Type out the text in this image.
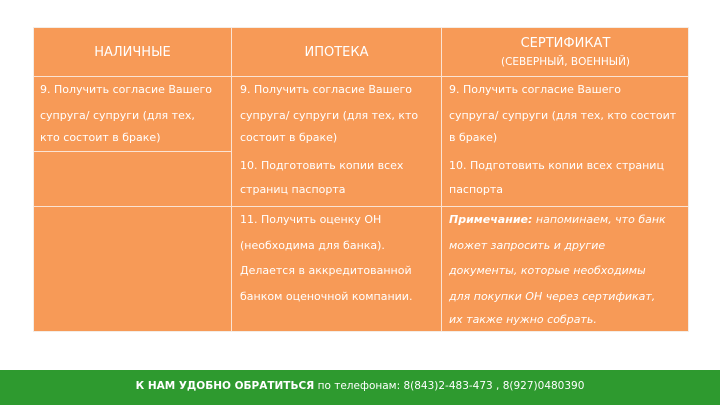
НАЛИЧНЫЕ	ИПОТЕКА
СЕРТИФИКАТ
(СЕВЕРНЫЙ, ВОЕННЫЙ)
9. Получить согласие Вашего
супруга/ супруги (для тех,
кто состоит в браке)
9. Получить согласие Вашего
супруга/ супруги (для тех, кто
состоит в браке)
10. Подготовить копии всех
страниц паспорта
11. Получить оценку ОН
(необходима для банка).
Делается в аккредитованной
банком оценочной компании.
9. Получить согласие Вашего
супруга/ супруги (для тех, кто состоит
в браке)
10. Подготовить копии всех страниц
паспорта
Примечание: напоминаем, что банк
может запросить и другие
документы, которые необходимы
для покупки ОН через сертификат,
их также нужно собрать.
К НАМ УДОБНО ОБРАТИТЬСЯ по телефонам: 8(843)2-483-473 , 8(927)0480390
